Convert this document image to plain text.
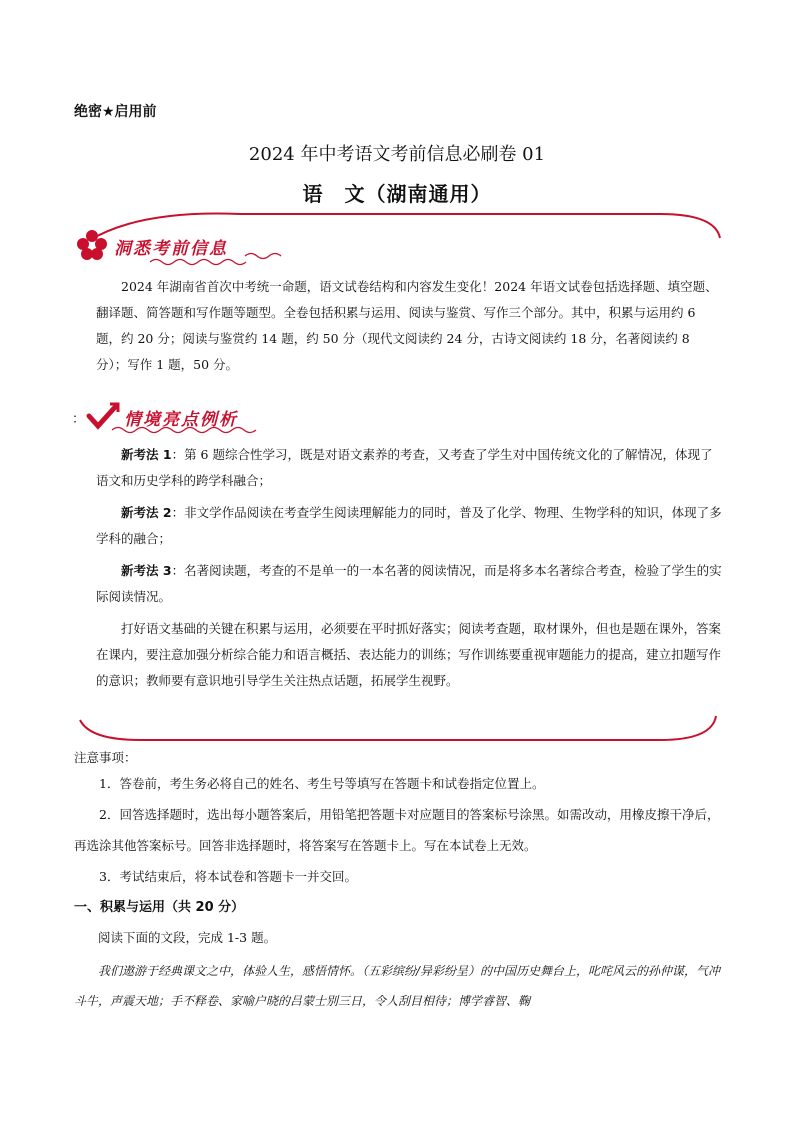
绝密★启用前
2024 年中考语文考前信息必刷卷 01
语　文（湖南通用）
洞悉考前信息

2024 年湖南省首次中考统一命题，语文试卷结构和内容发生变化！2024 年语文试卷包括选择题、填空题、翻译题、简答题和写作题等题型。全卷包括积累与运用、阅读与鉴赏、写作三个部分。其中，积累与运用约 6 题，约 20 分；阅读与鉴赏约 14 题，约 50 分（现代文阅读约 24 分，古诗文阅读约 18 分，名著阅读约 8 分）；写作 1 题，50 分。

： 情境亮点例析

新考法 1：第 6 题综合性学习，既是对语文素养的考查，又考查了学生对中国传统文化的了解情况，体现了语文和历史学科的跨学科融合；

新考法 2：非文学作品阅读在考查学生阅读理解能力的同时，普及了化学、物理、生物学科的知识，体现了多学科的融合；

新考法 3：名著阅读题，考查的不是单一的一本名著的阅读情况，而是将多本名著综合考查，检验了学生的实际阅读情况。

打好语文基础的关键在积累与运用，必须要在平时抓好落实；阅读考查题，取材课外，但也是题在课外，答案在课内，要注意加强分析综合能力和语言概括、表达能力的训练；写作训练要重视审题能力的提高，建立扣题写作的意识；教师要有意识地引导学生关注热点话题，拓展学生视野。

注意事项：

1．答卷前，考生务必将自己的姓名、考生号等填写在答题卡和试卷指定位置上。

2．回答选择题时，选出每小题答案后，用铅笔把答题卡对应题目的答案标号涂黑。如需改动，用橡皮擦干净后，再选涂其他答案标号。回答非选择题时，将答案写在答题卡上。写在本试卷上无效。

3．考试结束后，将本试卷和答题卡一并交回。

一、积累与运用（共 20 分）
阅读下面的文段，完成 1-3 题。

我们遨游于经典课文之中，体验人生，感悟情怀。（五彩缤纷/异彩纷呈）的中国历史舞台上，叱咤风云的孙仲谋，气冲斗牛，声震天地；手不释卷、家喻户晓的吕蒙士别三日，令人刮目相待；博学睿智、鞠
